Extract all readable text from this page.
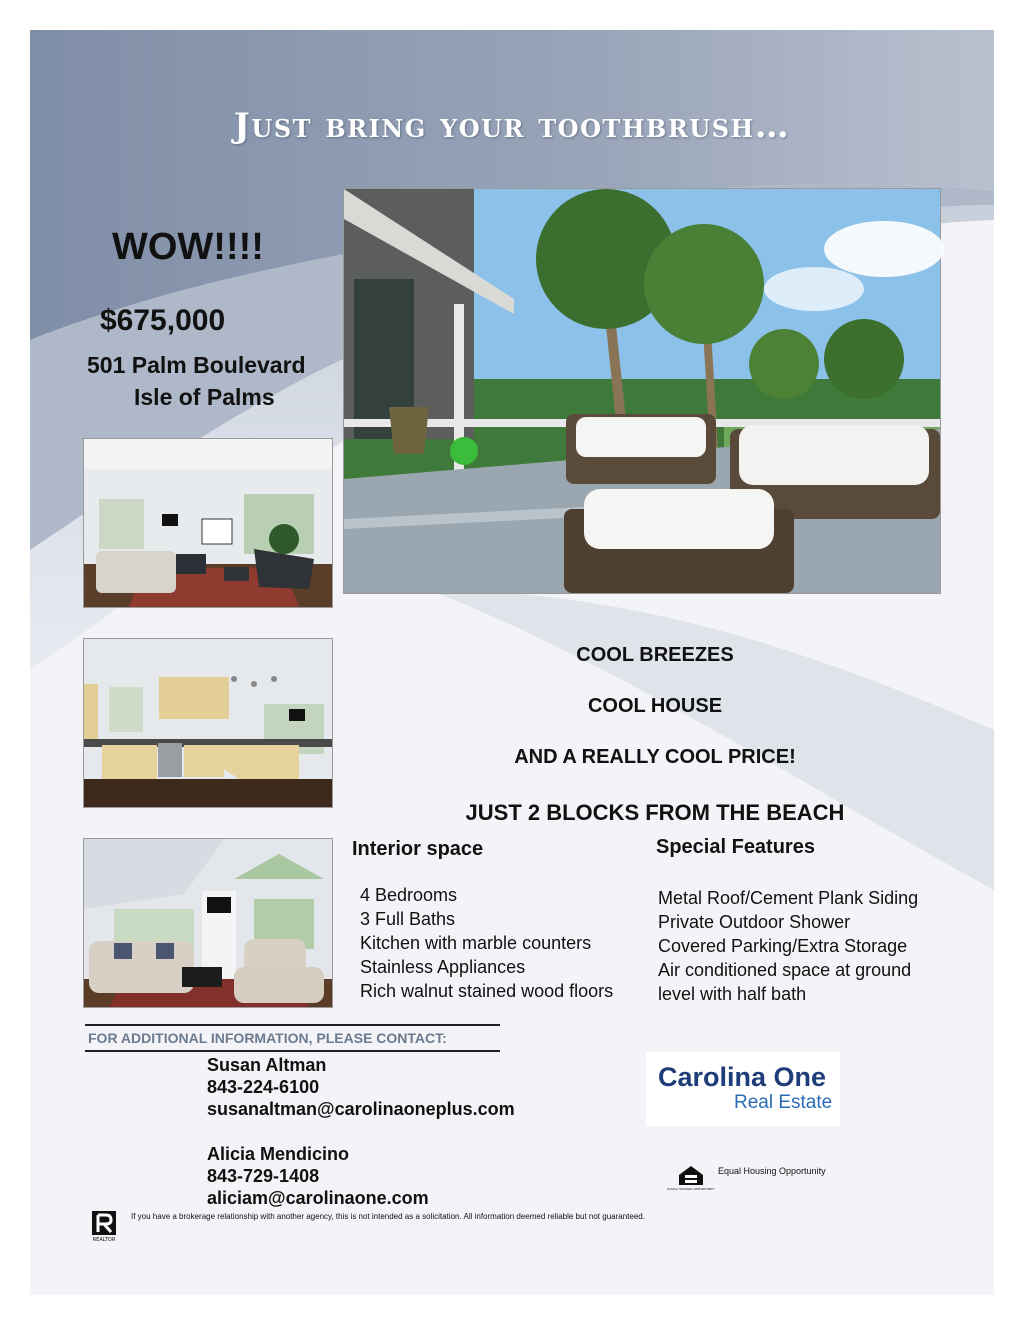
Just bring your toothbrush…
WOW!!!!
$675,000
501 Palm Boulevard
Isle of Palms
COOL BREEZES
COOL HOUSE
AND A REALLY COOL PRICE!
JUST 2 BLOCKS FROM THE BEACH
Interior space
4 Bedrooms
3 Full Baths
Kitchen with marble counters
Stainless Appliances
Rich walnut stained wood floors
Special Features
Metal Roof/Cement Plank Siding
Private Outdoor Shower
Covered Parking/Extra Storage
Air conditioned space at ground
level with half bath
FOR ADDITIONAL INFORMATION, PLEASE CONTACT:
Susan Altman
843-224-6100
susanaltman@carolinaoneplus.com
Alicia Mendicino
843-729-1408
aliciam@carolinaone.com
Carolina One
Real Estate
EQUAL HOUSING OPPORTUNITY
Equal Housing Opportunity
REALTOR
If you have a brokerage relationship with another agency, this is not intended as a solicitation. All information deemed reliable but not guaranteed.
